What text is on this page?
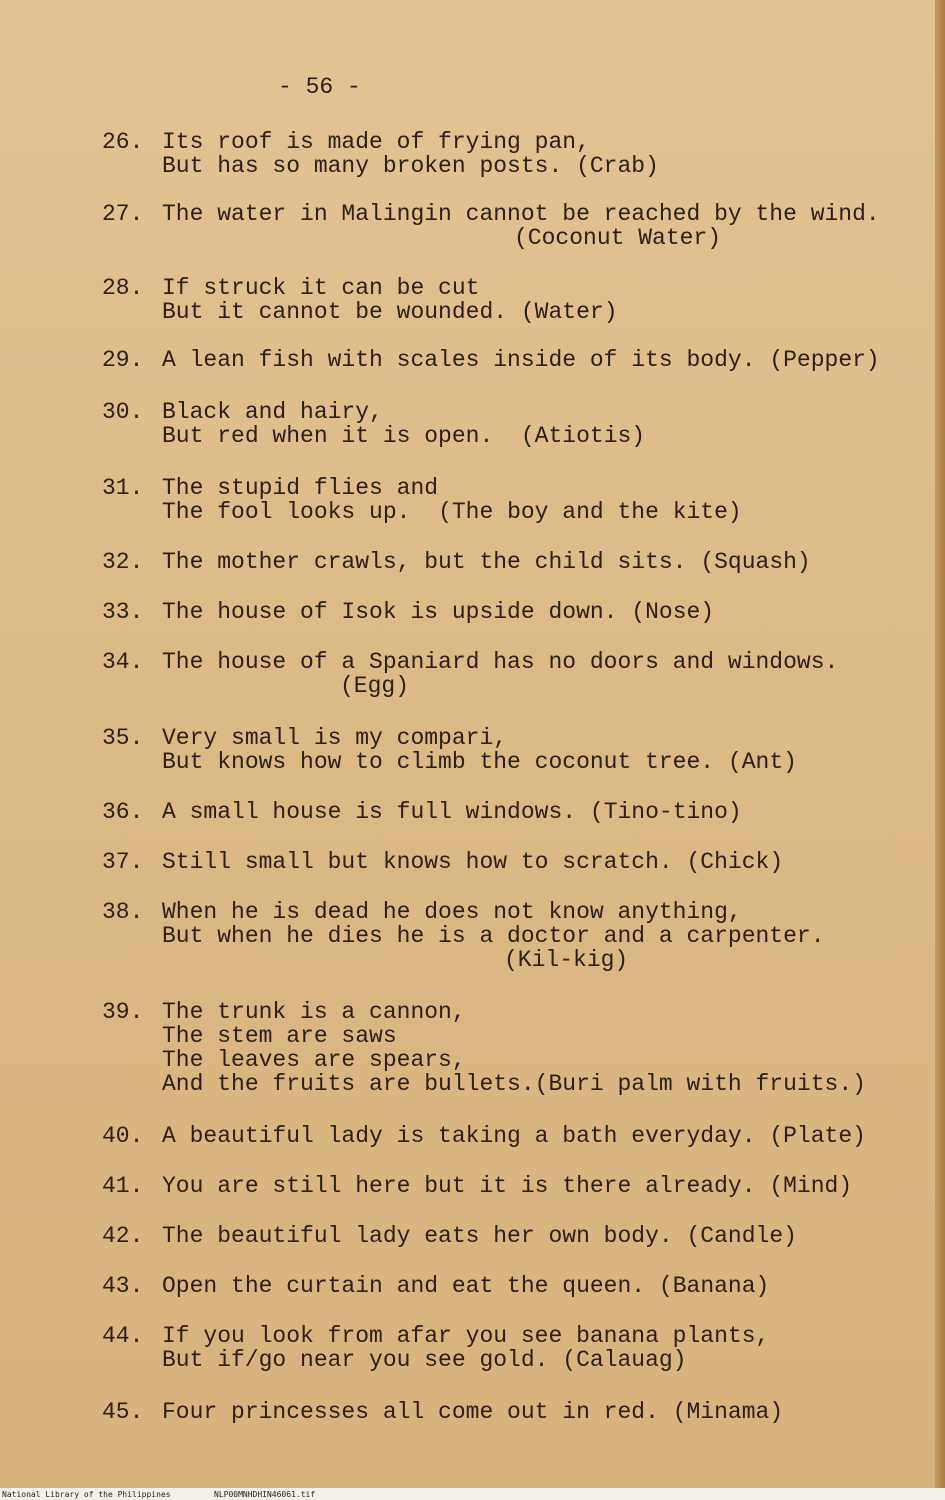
- 56 -
26. Its roof is made of frying pan,
But has so many broken posts. (Crab)
27. The water in Malingin cannot be reached by the wind.
(Coconut Water)
28. If struck it can be cut
But it cannot be wounded. (Water)
29. A lean fish with scales inside of its body. (Pepper)
30. Black and hairy,
But red when it is open. (Atiotis)
31. The stupid flies and
The fool looks up. (The boy and the kite)
32. The mother crawls, but the child sits. (Squash)
33. The house of Isok is upside down. (Nose)
34. The house of a Spaniard has no doors and windows.
(Egg)
35. Very small is my compari,
But knows how to climb the coconut tree. (Ant)
36. A small house is full windows. (Tino-tino)
37. Still small but knows how to scratch. (Chick)
38. When he is dead he does not know anything,
But when he dies he is a doctor and a carpenter.
(Kil-kig)
39. The trunk is a cannon,
The stem are saws
The leaves are spears,
And the fruits are bullets.(Buri palm with fruits.)
40. A beautiful lady is taking a bath everyday. (Plate)
41. You are still here but it is there already. (Mind)
42. The beautiful lady eats her own body. (Candle)
43. Open the curtain and eat the queen. (Banana)
44. If you look from afar you see banana plants,
But if/go near you see gold. (Calauag)
45. Four princesses all come out in red. (Minama)
National Library of the Philippines	NLP00MNHDHIN46061.tif
